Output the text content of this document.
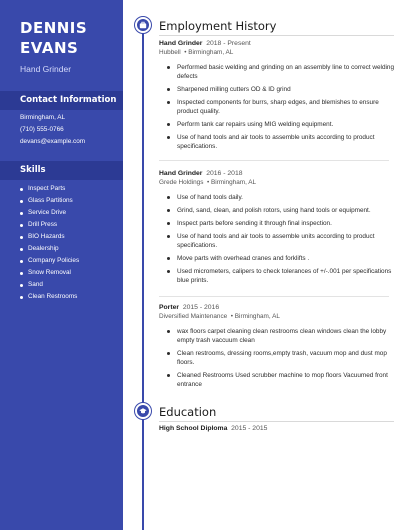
DENNIS
EVANS
Hand Grinder
Contact Information
Birmingham, AL
(710) 555-0766
devans@example.com
Skills
Inspect Parts
Glass Partitions
Service Drive
Drill Press
BIO Hazards
Dealership
Company Policies
Snow Removal
Sand
Clean Restrooms
Employment History
Hand Grinder 2018 - Present
Hubbell  • Birmingham, AL
Performed basic welding and grinding on an assembly line to correct welding defects
Sharpened milling cutters OD & ID grind
Inspected components for burrs, sharp edges, and blemishes to ensure product quality.
Perform tank car repairs using MIG welding equipment.
Use of hand tools and air tools to assemble units according to product specifications.
Hand Grinder 2016 - 2018
Grede Holdings  • Birmingham, AL
Use of hand tools daily.
Grind, sand, clean, and polish rotors, using hand tools or equipment.
Inspect parts before sending it through final inspection.
Use of hand tools and air tools to assemble units according to product specifications.
Move parts with overhead cranes and forklifts .
Used micrometers, calipers to check tolerances of +/-.001 per specifications blue prints.
Porter 2015 - 2016
Diversified Maintenance  • Birmingham, AL
wax floors carpet cleaning clean restrooms clean windows clean the lobby empty trash vaccuum clean
Clean restrooms, dressing rooms,empty trash, vacuum mop and dust mop floors.
Cleaned Restrooms Used scrubber machine to mop floors Vacuumed front entrance
Education
High School Diploma 2015 - 2015
